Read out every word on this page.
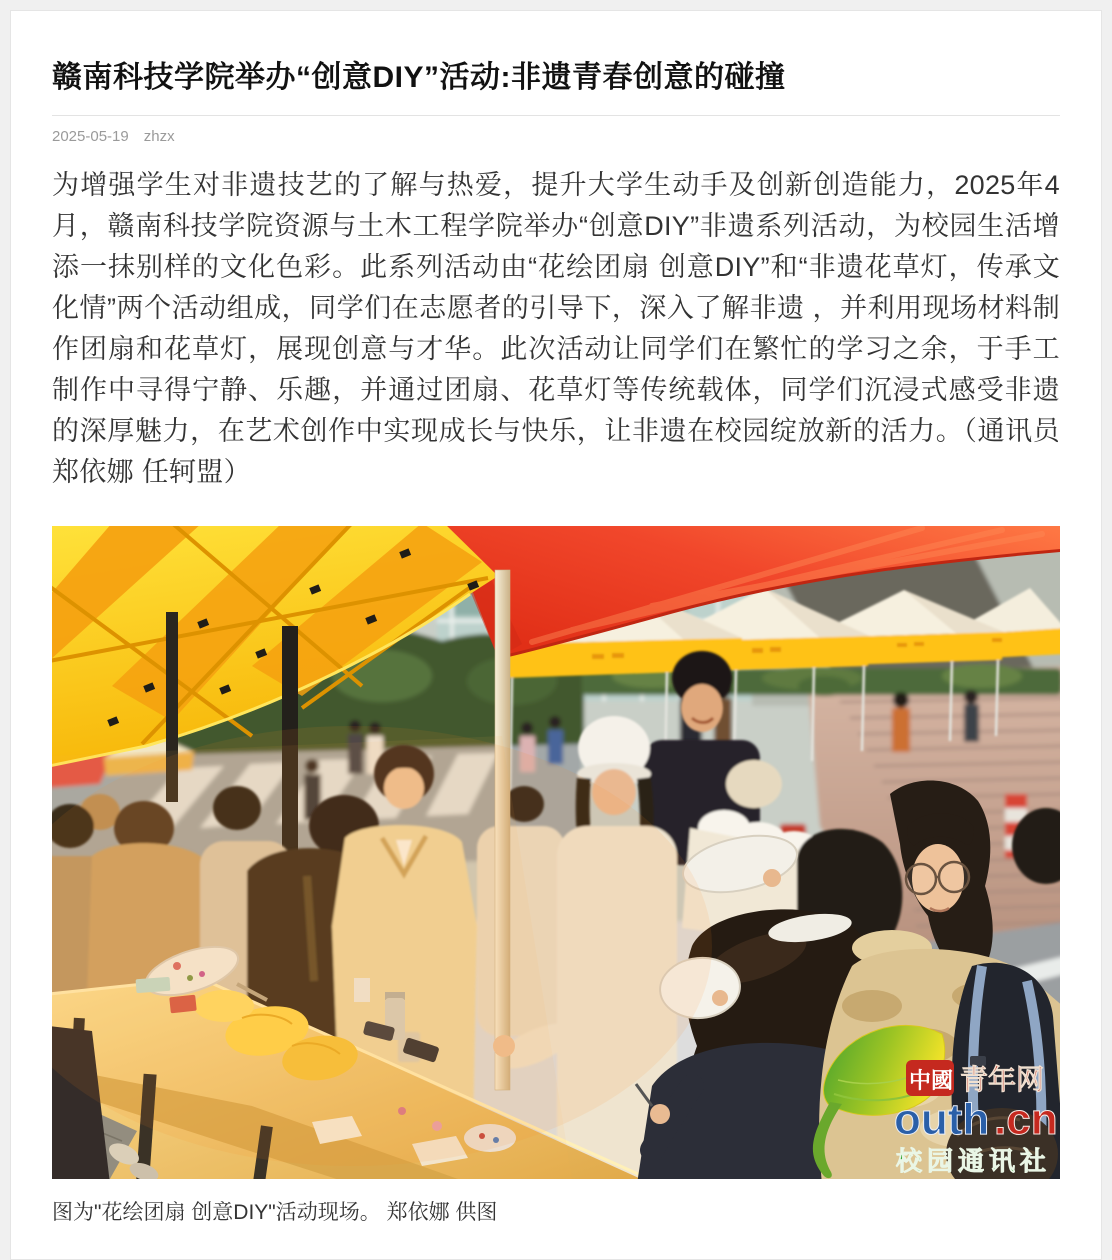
赣南科技学院举办“创意DIY”活动:非遗青春创意的碰撞
2025-05-19 zhzx

为增强学生对非遗技艺的了解与热爱，提升大学生动手及创新创造能力，2025年4月，赣南科技学院资源与土木工程学院举办“创意DIY”非遗系列活动，为校园生活增添一抹别样的文化色彩。此系列活动由“花绘团扇 创意DIY”和“非遗花草灯，传承文化情”两个活动组成，同学们在志愿者的引导下，深入了解非遗 ，并利用现场材料制作团扇和花草灯，展现创意与才华。此次活动让同学们在繁忙的学习之余，于手工制作中寻得宁静、乐趣，并通过团扇、花草灯等传统载体，同学们沉浸式感受非遗的深厚魅力，在艺术创作中实现成长与快乐，让非遗在校园绽放新的活力。（通讯员 郑依娜 任轲盟）

中國 青年网
outh .cn
校园通讯社
图为"花绘团扇 创意DIY"活动现场。 郑依娜 供图
